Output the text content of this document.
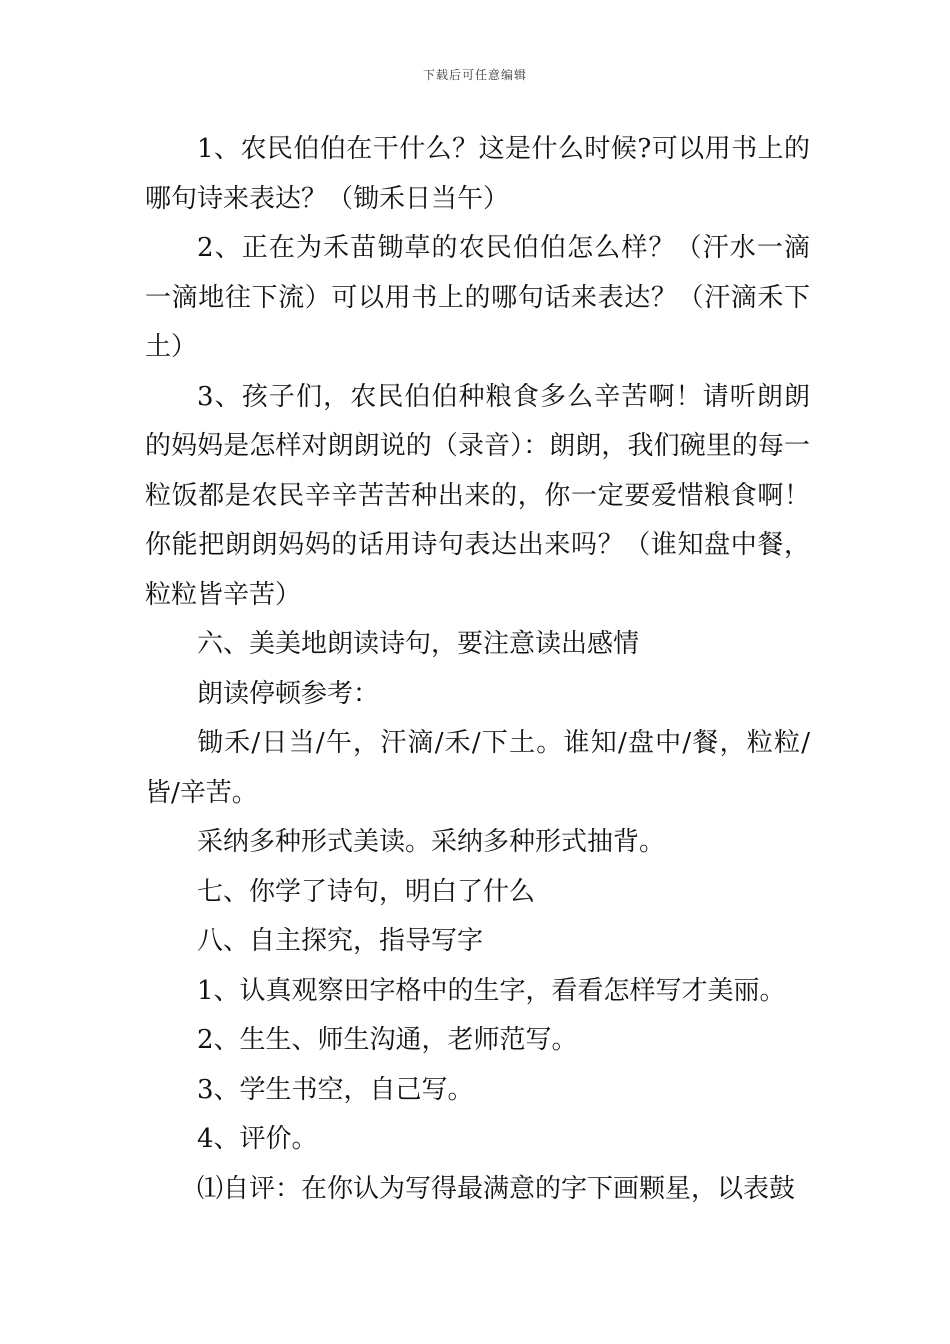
下载后可任意编辑

1、农民伯伯在干什么？这是什么时候?可以用书上的哪句诗来表达？（锄禾日当午）

2、正在为禾苗锄草的农民伯伯怎么样？（汗水一滴一滴地往下流）可以用书上的哪句话来表达？（汗滴禾下土）

3、孩子们，农民伯伯种粮食多么辛苦啊！请听朗朗的妈妈是怎样对朗朗说的（录音）：朗朗，我们碗里的每一粒饭都是农民辛辛苦苦种出来的，你一定要爱惜粮食啊！你能把朗朗妈妈的话用诗句表达出来吗？（谁知盘中餐，粒粒皆辛苦）

六、美美地朗读诗句，要注意读出感情

朗读停顿参考：

锄禾/日当/午，汗滴/禾/下土。谁知/盘中/餐，粒粒/皆/辛苦。

采纳多种形式美读。采纳多种形式抽背。

七、你学了诗句，明白了什么

八、自主探究，指导写字

1、认真观察田字格中的生字，看看怎样写才美丽。

2、生生、师生沟通，老师范写。

3、学生书空，自己写。

4、评价。

⑴自评：在你认为写得最满意的字下画颗星，以表鼓
